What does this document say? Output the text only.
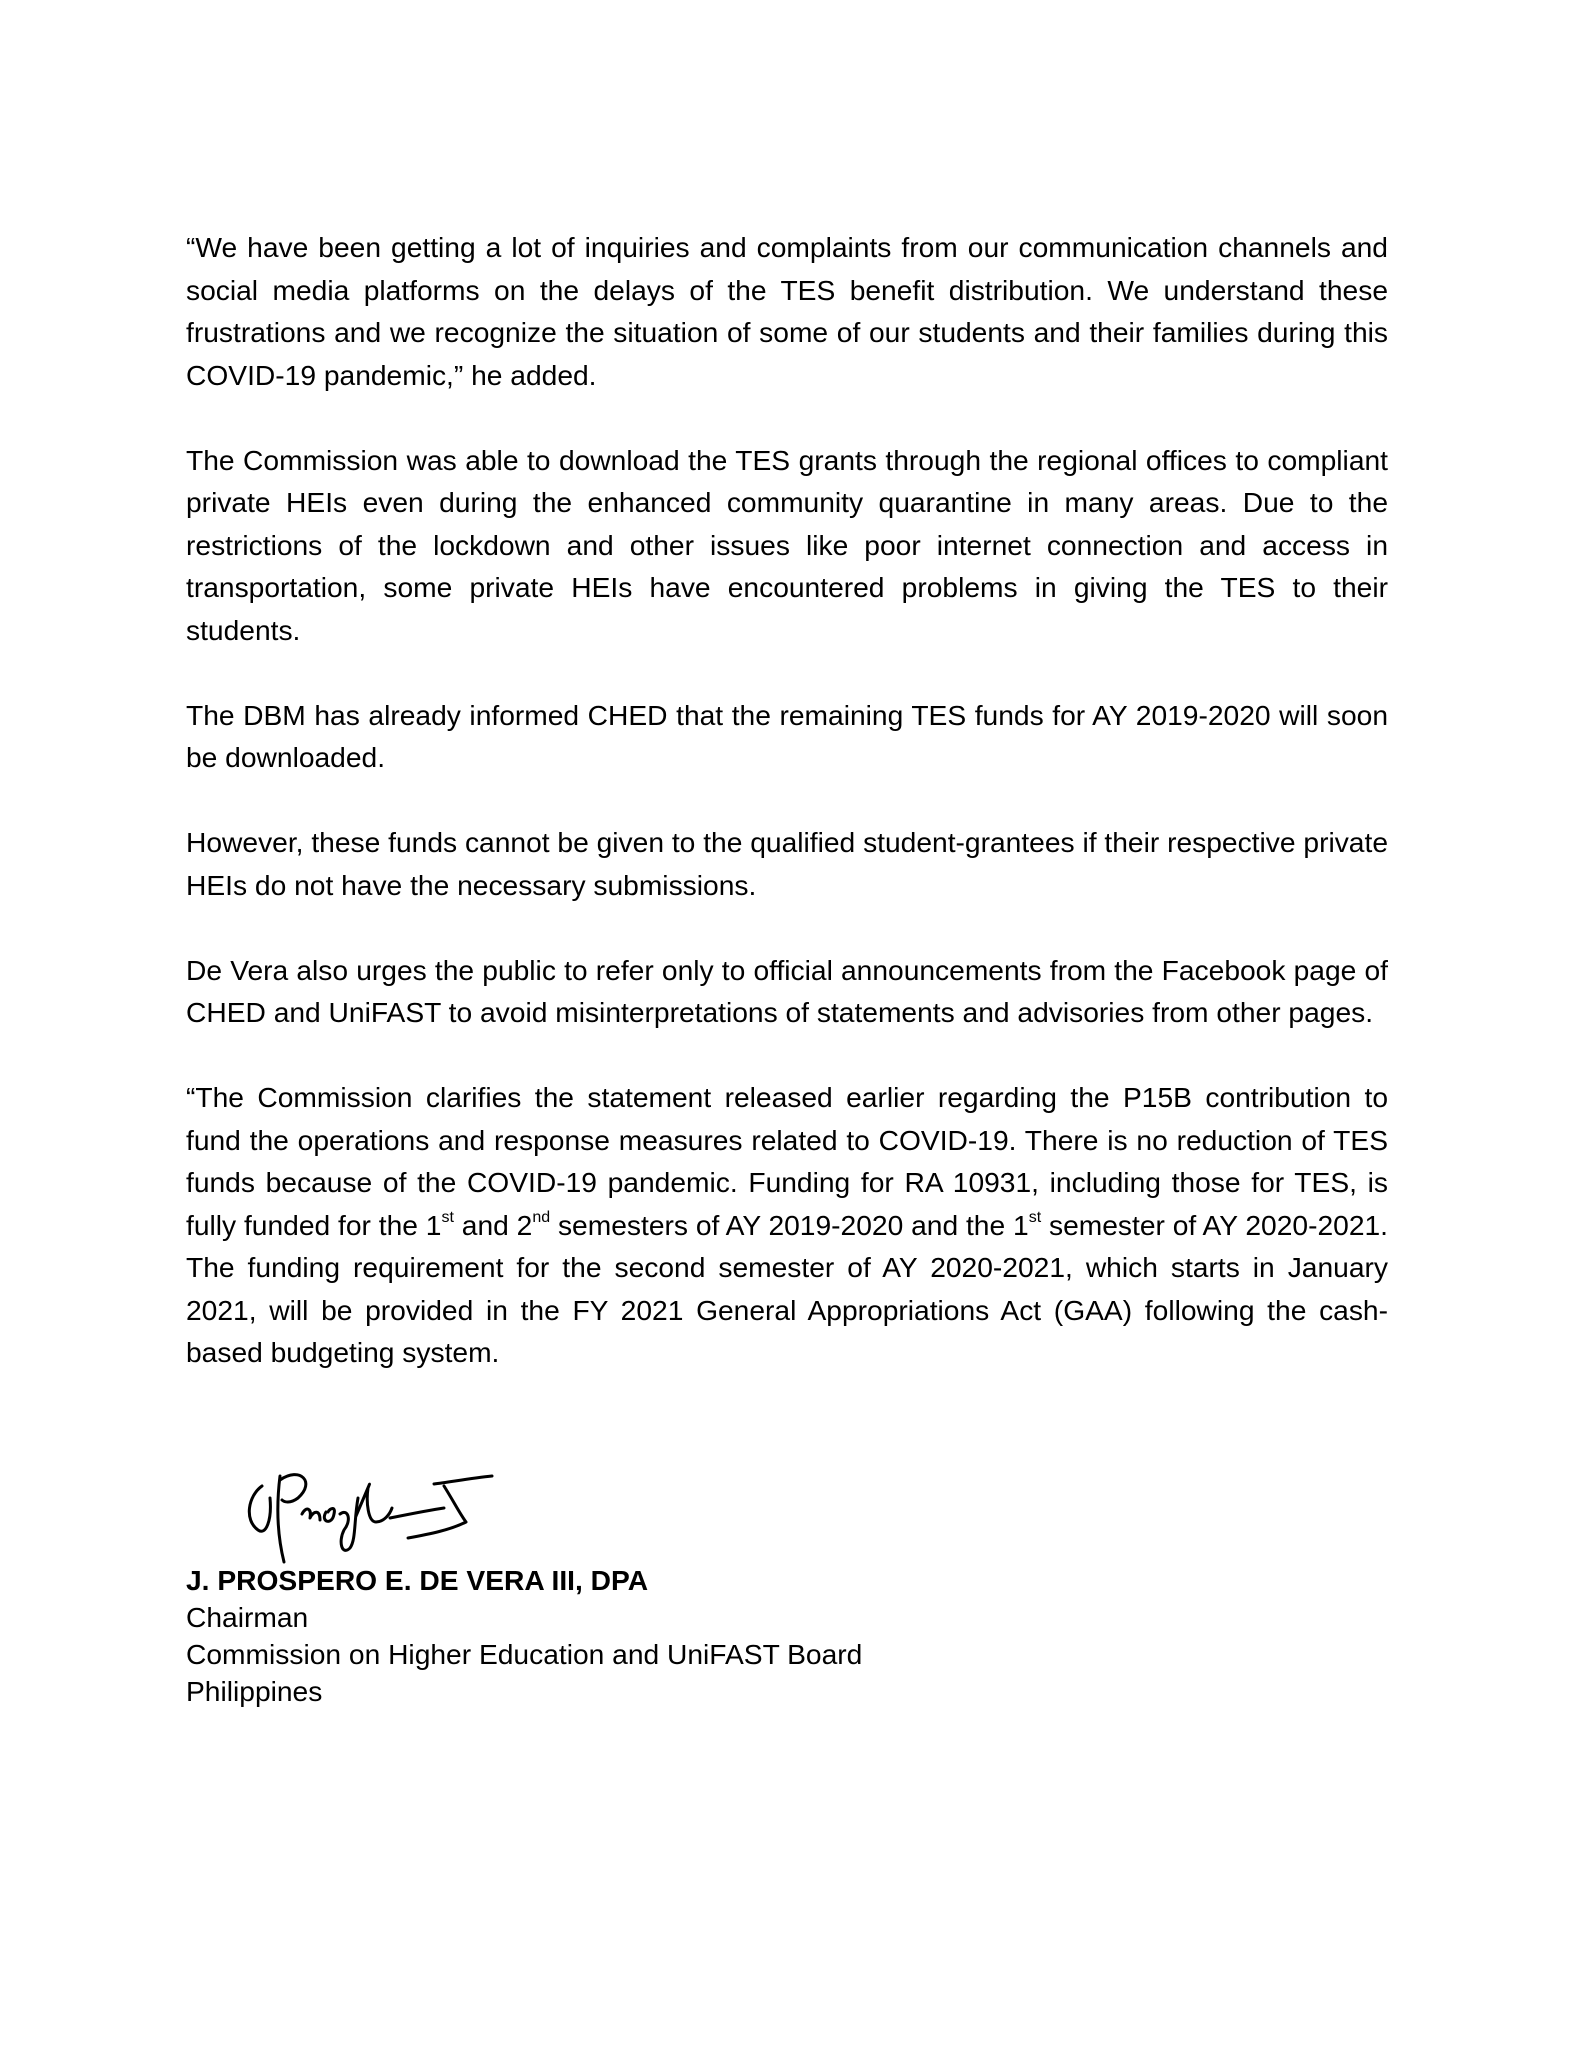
“We have been getting a lot of inquiries and complaints from our communication channels and social media platforms on the delays of the TES benefit distribution. We understand these frustrations and we recognize the situation of some of our students and their families during this COVID-19 pandemic,” he added.

The Commission was able to download the TES grants through the regional offices to compliant private HEIs even during the enhanced community quarantine in many areas. Due to the restrictions of the lockdown and other issues like poor internet connection and access in transportation, some private HEIs have encountered problems in giving the TES to their students.

The DBM has already informed CHED that the remaining TES funds for AY 2019-2020 will soon be downloaded.

However, these funds cannot be given to the qualified student-grantees if their respective private HEIs do not have the necessary submissions.

De Vera also urges the public to refer only to official announcements from the Facebook page of CHED and UniFAST to avoid misinterpretations of statements and advisories from other pages.

“The Commission clarifies the statement released earlier regarding the P15B contribution to fund the operations and response measures related to COVID-19. There is no reduction of TES funds because of the COVID-19 pandemic. Funding for RA 10931, including those for TES, is fully funded for the 1st and 2nd semesters of AY 2019-2020 and the 1st semester of AY 2020-2021. The funding requirement for the second semester of AY 2020-2021, which starts in January 2021, will be provided in the FY 2021 General Appropriations Act (GAA) following the cash-based budgeting system.

J. PROSPERO E. DE VERA III, DPA
Chairman
Commission on Higher Education and UniFAST Board
Philippines
